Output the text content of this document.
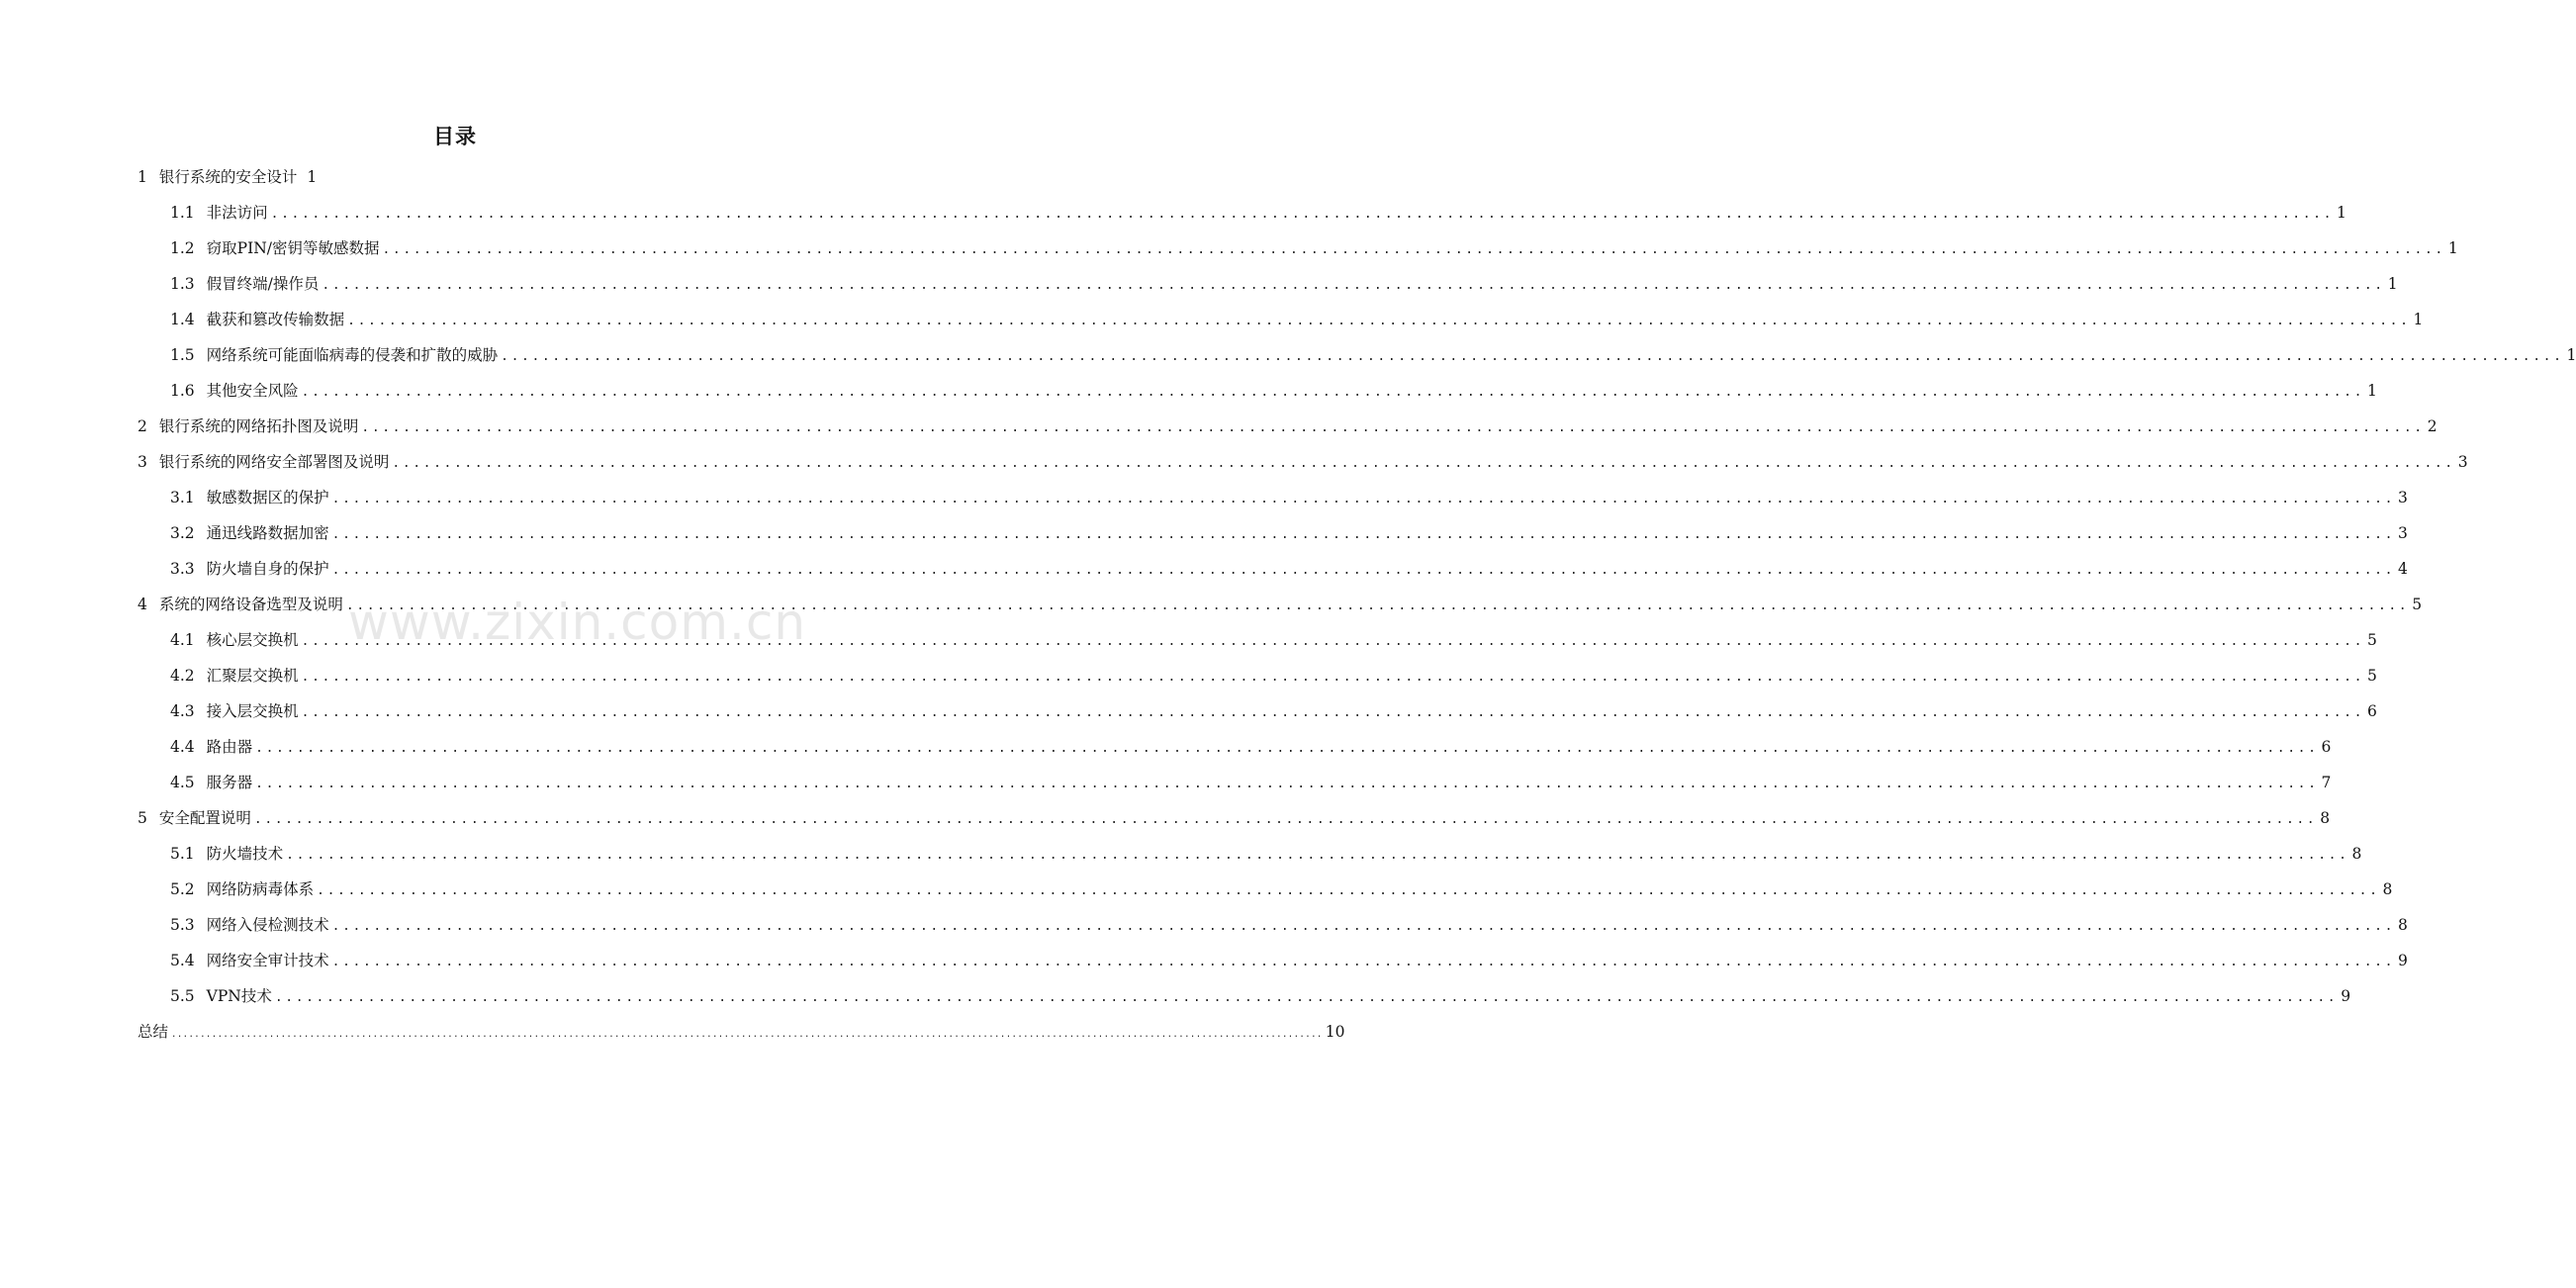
目录
www.zixin.com.cn
1 银行系统的安全设计 1
1.1 非法访问 ........................................................................................................................................................................................................ 1
1.2 窃取PIN/密钥等敏感数据 ........................................................................................................................................................................................................ 1
1.3 假冒终端/操作员 ........................................................................................................................................................................................................ 1
1.4 截获和篡改传输数据 ........................................................................................................................................................................................................ 1
1.5 网络系统可能面临病毒的侵袭和扩散的威胁 ........................................................................................................................................................................................................ 1
1.6 其他安全风险 ........................................................................................................................................................................................................ 1
2 银行系统的网络拓扑图及说明 ........................................................................................................................................................................................................ 2
3 银行系统的网络安全部署图及说明 ........................................................................................................................................................................................................ 3
3.1 敏感数据区的保护 ........................................................................................................................................................................................................ 3
3.2 通迅线路数据加密 ........................................................................................................................................................................................................ 3
3.3 防火墙自身的保护 ........................................................................................................................................................................................................ 4
4 系统的网络设备选型及说明 ........................................................................................................................................................................................................ 5
4.1 核心层交换机 ........................................................................................................................................................................................................ 5
4.2 汇聚层交换机 ........................................................................................................................................................................................................ 5
4.3 接入层交换机 ........................................................................................................................................................................................................ 6
4.4 路由器 ........................................................................................................................................................................................................ 6
4.5 服务器 ........................................................................................................................................................................................................ 7
5 安全配置说明 ........................................................................................................................................................................................................ 8
5.1 防火墙技术 ........................................................................................................................................................................................................ 8
5.2 网络防病毒体系 ........................................................................................................................................................................................................ 8
5.3 网络入侵检测技术 ........................................................................................................................................................................................................ 8
5.4 网络安全审计技术 ........................................................................................................................................................................................................ 9
5.5 VPN技术 ........................................................................................................................................................................................................ 9
总结 ........................................................................................................................................................................................................ 10
